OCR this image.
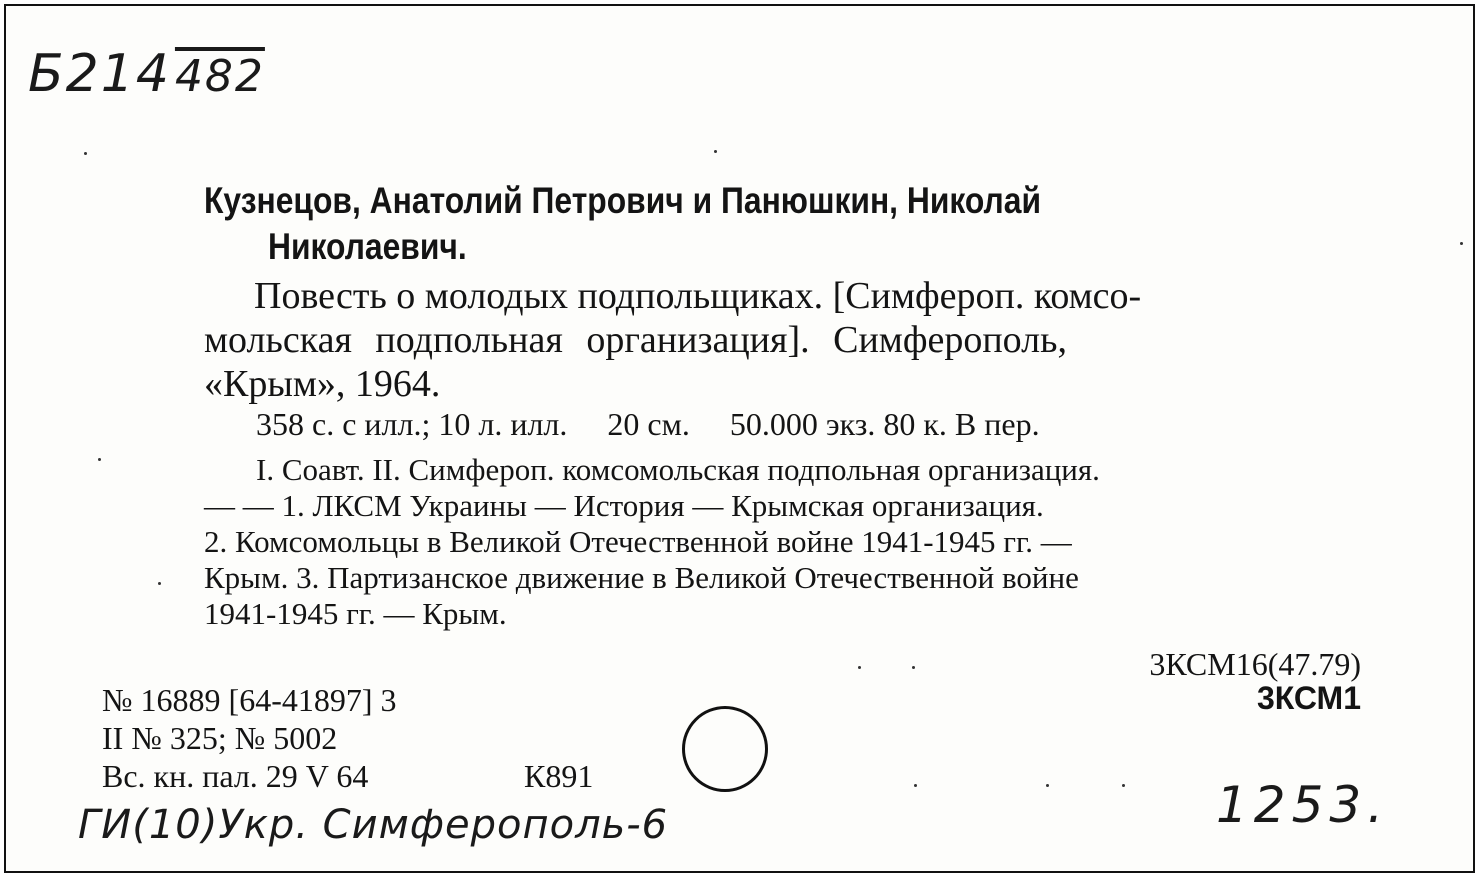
Б214482
Кузнецов, Анатолий Петрович и Панюшкин, Николай
Николаевич.
Повесть о молодых подпольщиках. [Симфероп. комсо-
мольская подпольная организация]. Симферополь,
«Крым», 1964.
358 с. с илл.; 10 л. илл.     20 см.     50.000 экз. 80 к. В пер.
I. Соавт. II. Симфероп. комсомольская подпольная организация.
— — 1. ЛКСМ Украины — История — Крымская организация.
2. Комсомольцы в Великой Отечественной войне 1941-1945 гг. —
Крым. 3. Партизанское движение в Великой Отечественной войне
1941-1945 гг. — Крым.
3КСМ16(47.79)
3КСМ1
№ 16889 [64-41897] 3
II № 325; № 5002
Вс. кн. пал. 29 V 64	К891
ГИ(10)Укр. Симферополь-6	1253.
